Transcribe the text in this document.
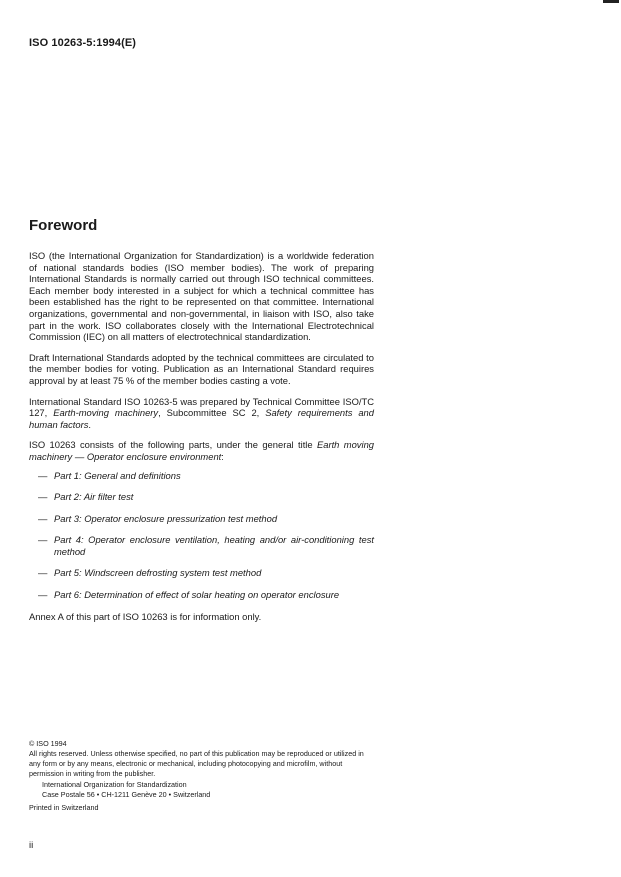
ISO 10263-5:1994(E)
Foreword

ISO (the International Organization for Standardization) is a worldwide federation of national standards bodies (ISO member bodies). The work of preparing International Standards is normally carried out through ISO technical committees. Each member body interested in a subject for which a technical committee has been established has the right to be represented on that committee. International organizations, governmental and non-governmental, in liaison with ISO, also take part in the work. ISO collaborates closely with the International Electrotechnical Commission (IEC) on all matters of electrotechnical standardization.

Draft International Standards adopted by the technical committees are circulated to the member bodies for voting. Publication as an International Standard requires approval by at least 75 % of the member bodies casting a vote.

International Standard ISO 10263-5 was prepared by Technical Committee ISO/TC 127, Earth-moving machinery, Subcommittee SC 2, Safety requirements and human factors.

ISO 10263 consists of the following parts, under the general title Earth moving machinery — Operator enclosure environment:

— Part 1: General and definitions
— Part 2: Air filter test
— Part 3: Operator enclosure pressurization test method
— Part 4: Operator enclosure ventilation, heating and/or air-conditioning test method
— Part 5: Windscreen defrosting system test method
— Part 6: Determination of effect of solar heating on operator enclosure

Annex A of this part of ISO 10263 is for information only.

© ISO 1994

All rights reserved. Unless otherwise specified, no part of this publication may be reproduced or utilized in any form or by any means, electronic or mechanical, including photocopying and microfilm, without permission in writing from the publisher.

International Organization for Standardization

Case Postale 56 • CH-1211 Genève 20 • Switzerland

Printed in Switzerland

ii
